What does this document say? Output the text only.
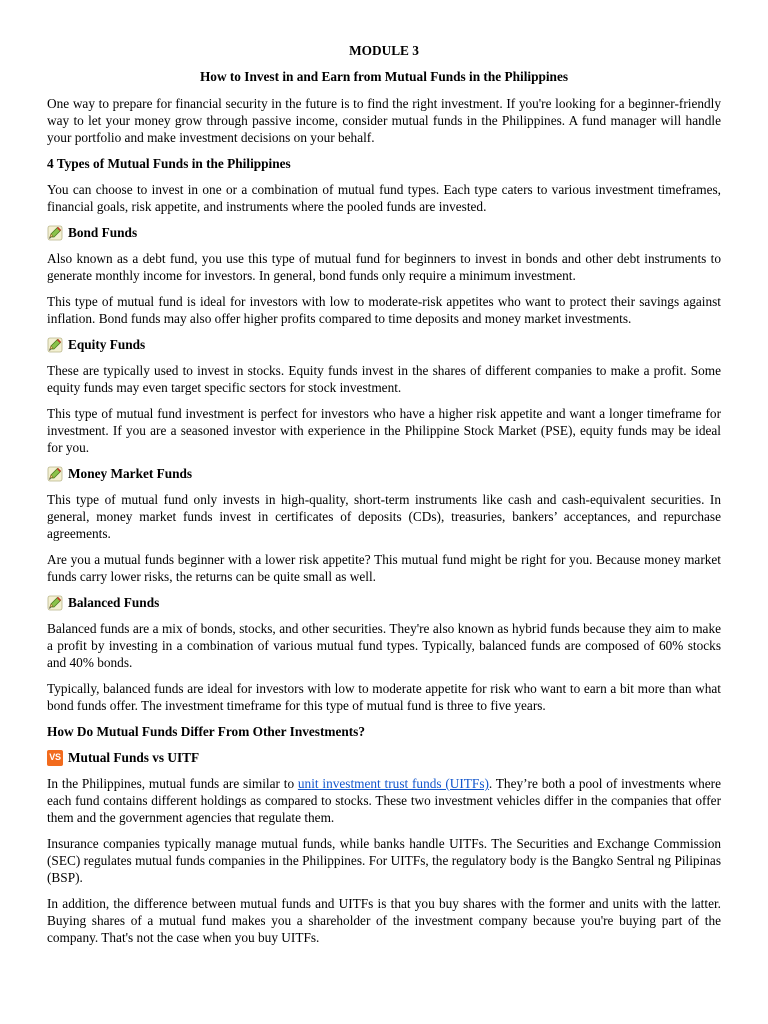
MODULE 3
How to Invest in and Earn from Mutual Funds in the Philippines

One way to prepare for financial security in the future is to find the right investment. If you're looking for a beginner-friendly way to let your money grow through passive income, consider mutual funds in the Philippines. A fund manager will handle your portfolio and make investment decisions on your behalf.

4 Types of Mutual Funds in the Philippines

You can choose to invest in one or a combination of mutual fund types. Each type caters to various investment timeframes, financial goals, risk appetite, and instruments where the pooled funds are invested.

Bond Funds

Also known as a debt fund, you use this type of mutual fund for beginners to invest in bonds and other debt instruments to generate monthly income for investors. In general, bond funds only require a minimum investment.

This type of mutual fund is ideal for investors with low to moderate-risk appetites who want to protect their savings against inflation. Bond funds may also offer higher profits compared to time deposits and money market investments.

Equity Funds

These are typically used to invest in stocks. Equity funds invest in the shares of different companies to make a profit. Some equity funds may even target specific sectors for stock investment.

This type of mutual fund investment is perfect for investors who have a higher risk appetite and want a longer timeframe for investment. If you are a seasoned investor with experience in the Philippine Stock Market (PSE), equity funds may be ideal for you.

Money Market Funds

This type of mutual fund only invests in high-quality, short-term instruments like cash and cash-equivalent securities. In general, money market funds invest in certificates of deposits (CDs), treasuries, bankers’ acceptances, and repurchase agreements.

Are you a mutual funds beginner with a lower risk appetite? This mutual fund might be right for you. Because money market funds carry lower risks, the returns can be quite small as well.

Balanced Funds

Balanced funds are a mix of bonds, stocks, and other securities. They're also known as hybrid funds because they aim to make a profit by investing in a combination of various mutual fund types. Typically, balanced funds are composed of 60% stocks and 40% bonds.

Typically, balanced funds are ideal for investors with low to moderate appetite for risk who want to earn a bit more than what bond funds offer. The investment timeframe for this type of mutual fund is three to five years.

How Do Mutual Funds Differ From Other Investments?
VS Mutual Funds vs UITF

In the Philippines, mutual funds are similar to unit investment trust funds (UITFs). They’re both a pool of investments where each fund contains different holdings as compared to stocks. These two investment vehicles differ in the companies that offer them and the government agencies that regulate them.

Insurance companies typically manage mutual funds, while banks handle UITFs. The Securities and Exchange Commission (SEC) regulates mutual funds companies in the Philippines. For UITFs, the regulatory body is the Bangko Sentral ng Pilipinas (BSP).

In addition, the difference between mutual funds and UITFs is that you buy shares with the former and units with the latter. Buying shares of a mutual fund makes you a shareholder of the investment company because you're buying part of the company. That's not the case when you buy UITFs.
